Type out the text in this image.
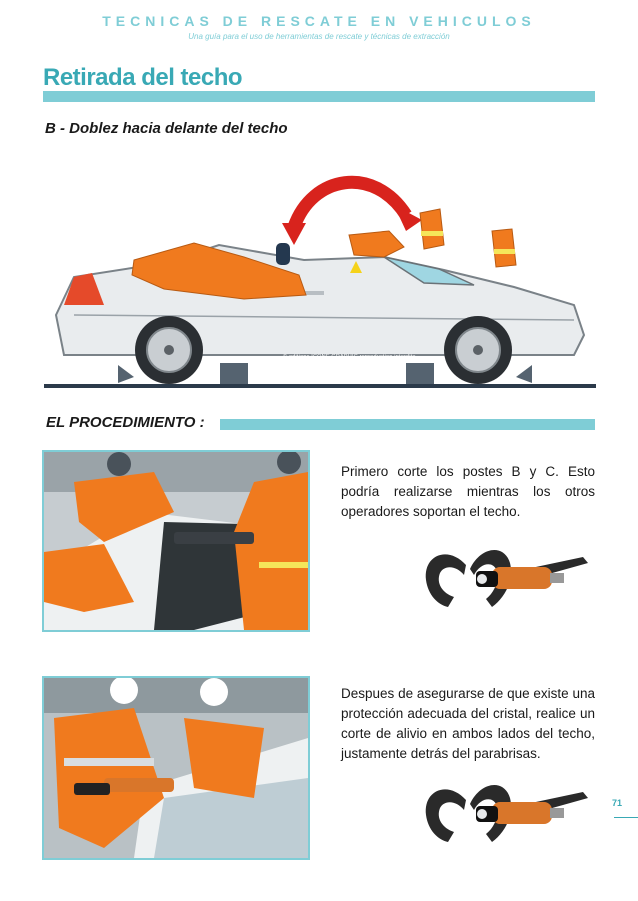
TECNICAS DE RESCATE EN VEHICULOS
Una guía para el uso de herramientas de rescate y técnicas de extracción
Retirada del techo
B - Doblez hacia delante del techo
© editions ICONE GRAPHIC reproduction interdite
EL PROCEDIMIENTO :
Primero corte los postes B y C. Esto podría realizarse mientras los otros operadores soportan el techo.
Despues de asegurarse de que existe una protección adecuada del cristal, realice un corte de alivio en ambos lados del techo, justamente detrás del parabrisas.
71
